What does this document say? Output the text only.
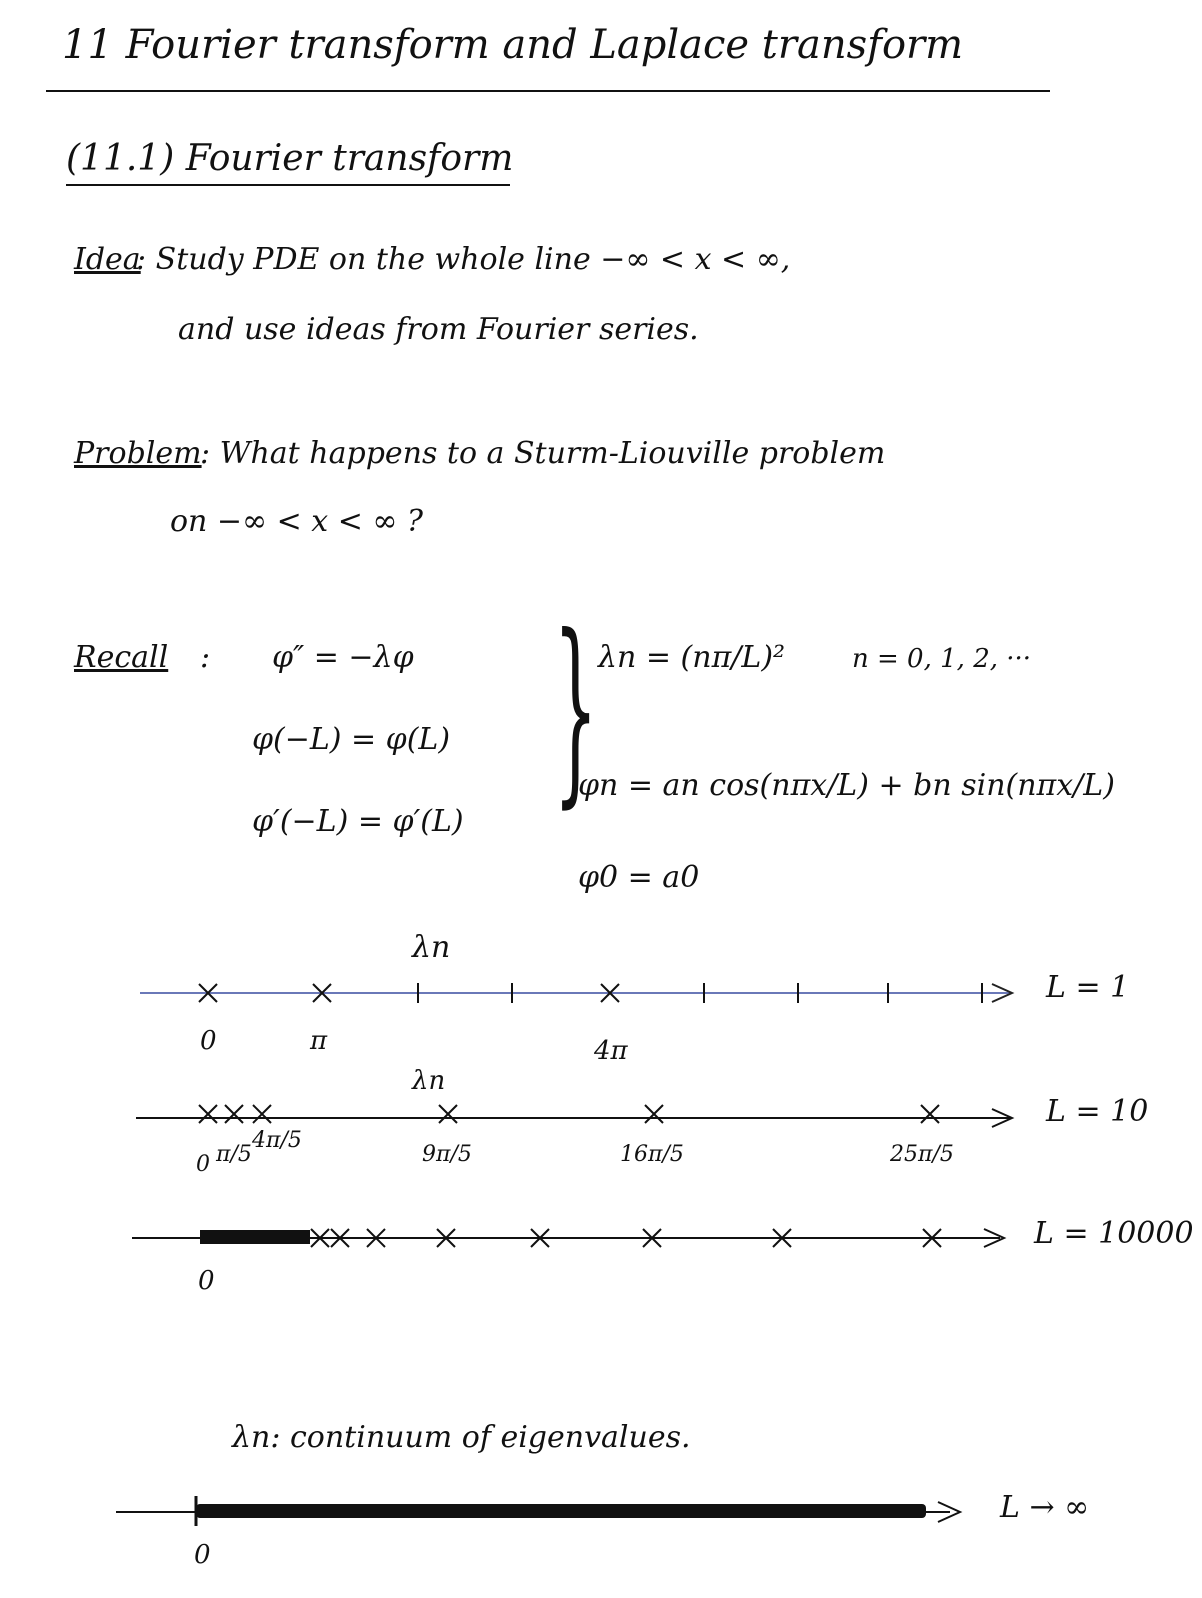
11 Fourier transform and Laplace transform
(11.1) Fourier transform
Idea
: Study PDE on the whole line −∞ < x < ∞,
and use ideas from Fourier series.
Problem
: What happens to a Sturm-Liouville problem
on −∞ < x < ∞ ?
Recall : φ″ = −λφ
φ(−L) = φ(L)
φ′(−L) = φ′(L) } λn = (nπ/L)²	n = 0, 1, 2, ···
φn = an cos(nπx/L) + bn sin(nπx/L)
φ0 = a0
λn
L = 1
0	π	4π
λn
L = 10
0 π/5
4π/5
9π/5	16π/5	25π/5
L = 10000
0
λn: continuum of eigenvalues.
L → ∞
0
